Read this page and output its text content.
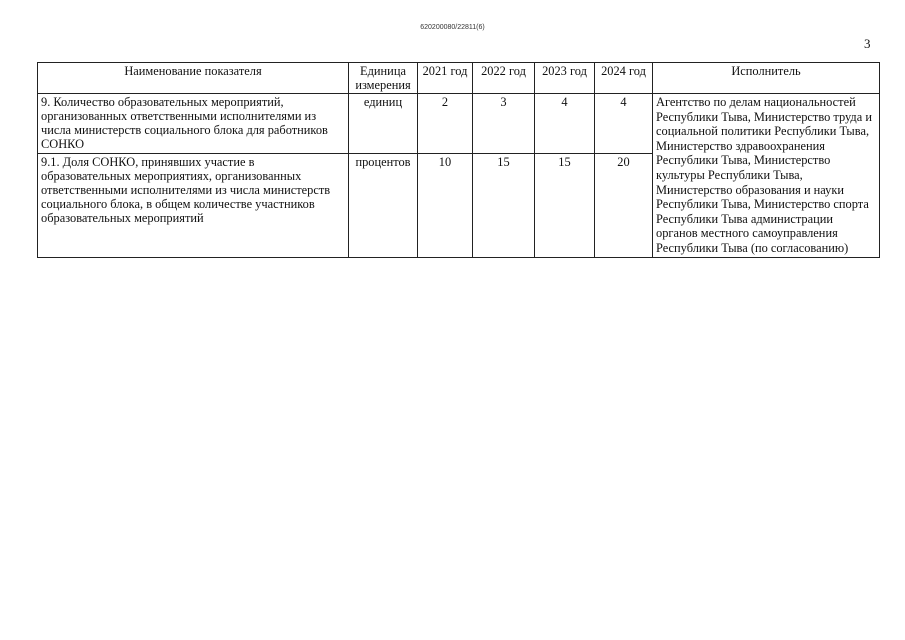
620200080/22811(6)
3
Наименование показателя	Единица измерения	2021 год	2022 год	2023 год	2024 год	Исполнитель
9. Количество образовательных мероприятий, организованных ответственными исполнителями из числа министерств социального блока для работников СОНКО	единиц	2	3	4	4	Агентство по делам национальностей Республики Тыва, Министерство труда и социальной политики Республики Тыва, Министерство здравоохранения Республики Тыва, Министерство культуры Республики Тыва, Министерство образования и науки Республики Тыва, Министерство спорта Республики Тыва администрации органов местного самоуправления Республики Тыва (по согласованию)
9.1. Доля СОНКО, принявших участие в образовательных мероприятиях, организованных ответственными исполнителями из числа министерств социального блока, в общем количестве участников образовательных мероприятий	процентов	10	15	15	20	
